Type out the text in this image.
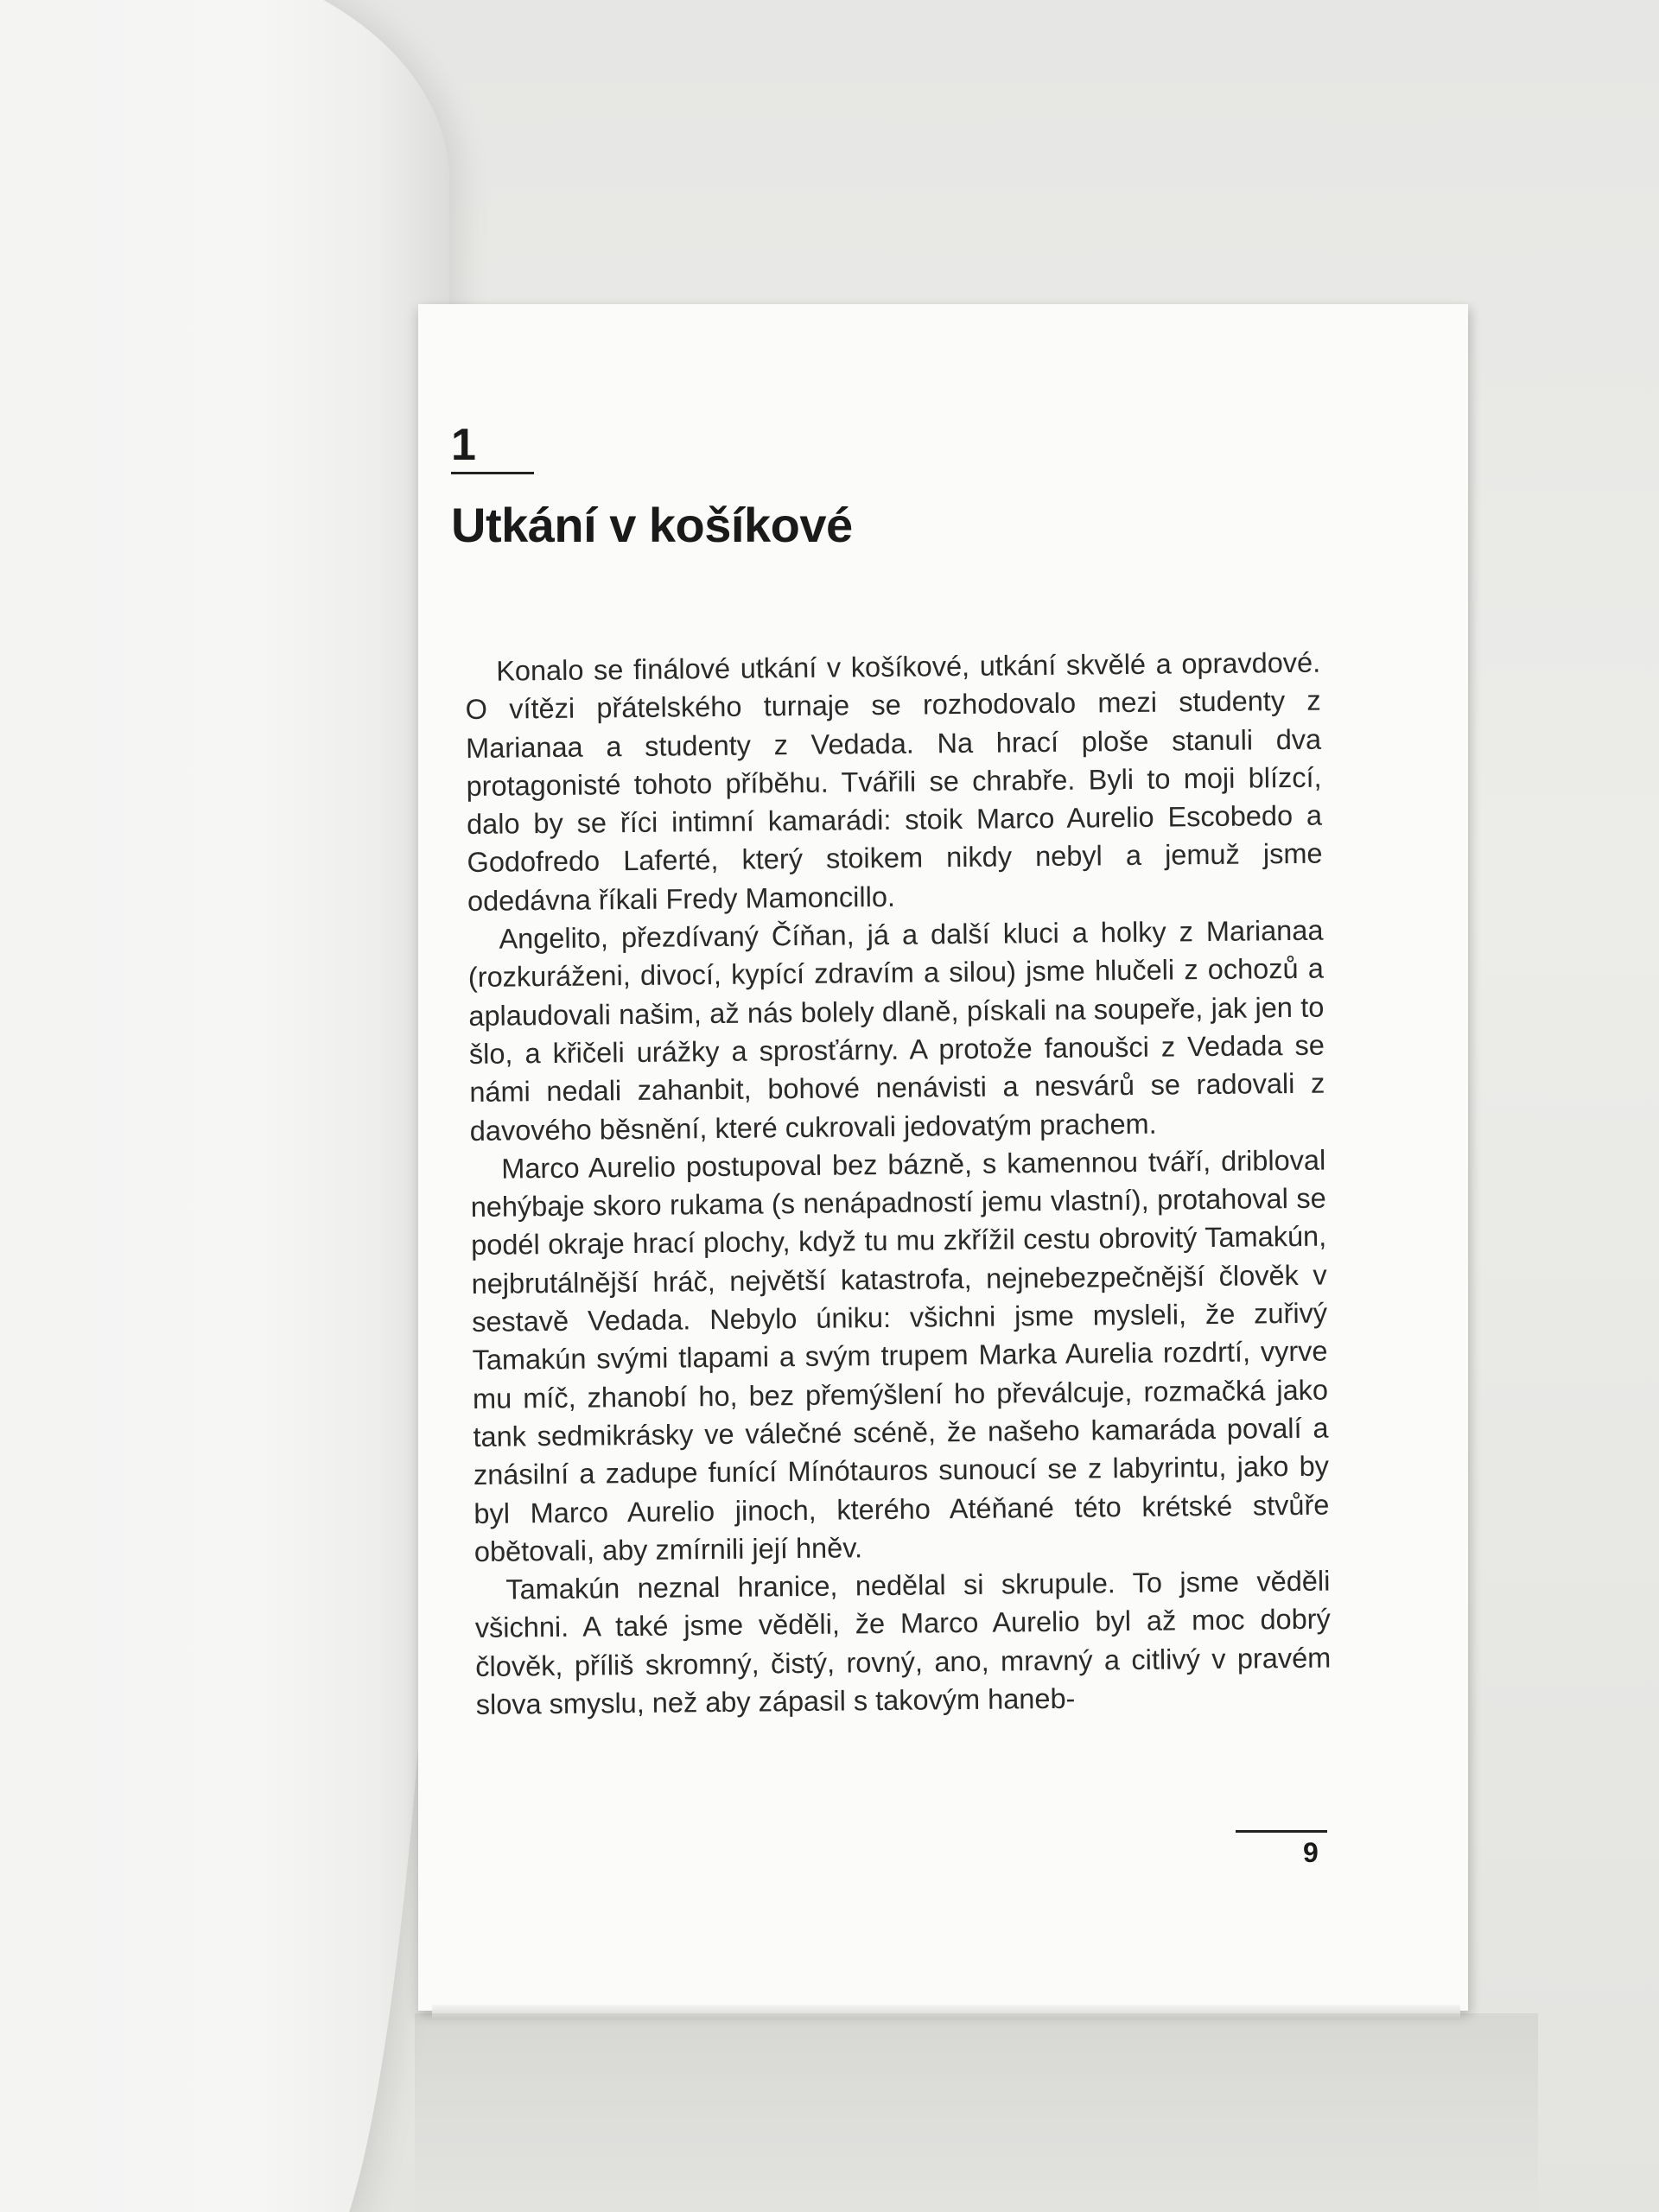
1
Utkání v košíkové

Konalo se finálové utkání v košíkové, utkání skvělé a opravdové. O vítězi přátelského turnaje se rozhodovalo mezi studenty z Marianaa a studenty z Vedada. Na hrací ploše stanuli dva protagonisté tohoto příběhu. Tvářili se chrabře. Byli to moji blízcí, dalo by se říci intimní kamarádi: stoik Marco Aurelio Escobedo a Godofredo Laferté, který stoikem nikdy nebyl a jemuž jsme odedávna říkali Fredy Mamoncillo.

Angelito, přezdívaný Číňan, já a další kluci a holky z Marianaa (rozkuráženi, divocí, kypící zdravím a silou) jsme hlučeli z ochozů a aplaudovali našim, až nás bolely dlaně, pískali na soupeře, jak jen to šlo, a křičeli urážky a sprosťárny. A protože fanoušci z Vedada se námi nedali zahanbit, bohové nenávisti a nesvárů se radovali z davového běsnění, které cukrovali jedovatým prachem.

Marco Aurelio postupoval bez bázně, s kamennou tváří, dribloval nehýbaje skoro rukama (s nenápadností jemu vlastní), protahoval se podél okraje hrací plochy, když tu mu zkřížil cestu obrovitý Tamakún, nejbrutálnější hráč, největší katastrofa, nejnebezpečnější člověk v sestavě Vedada. Nebylo úniku: všichni jsme mysleli, že zuřivý Tamakún svými tlapami a svým trupem Marka Aurelia rozdrtí, vyrve mu míč, zhanobí ho, bez přemýšlení ho převálcuje, rozmačká jako tank sedmikrásky ve válečné scéně, že našeho kamaráda povalí a znásilní a zadupe funící Mínótauros sunoucí se z labyrintu, jako by byl Marco Aurelio jinoch, kterého Atéňané této krétské stvůře obětovali, aby zmírnili její hněv.

Tamakún neznal hranice, nedělal si skrupule. To jsme věděli všichni. A také jsme věděli, že Marco Aurelio byl až moc dobrý člověk, příliš skromný, čistý, rovný, ano, mravný a citlivý v pravém slova smyslu, než aby zápasil s takovým haneb-

9
